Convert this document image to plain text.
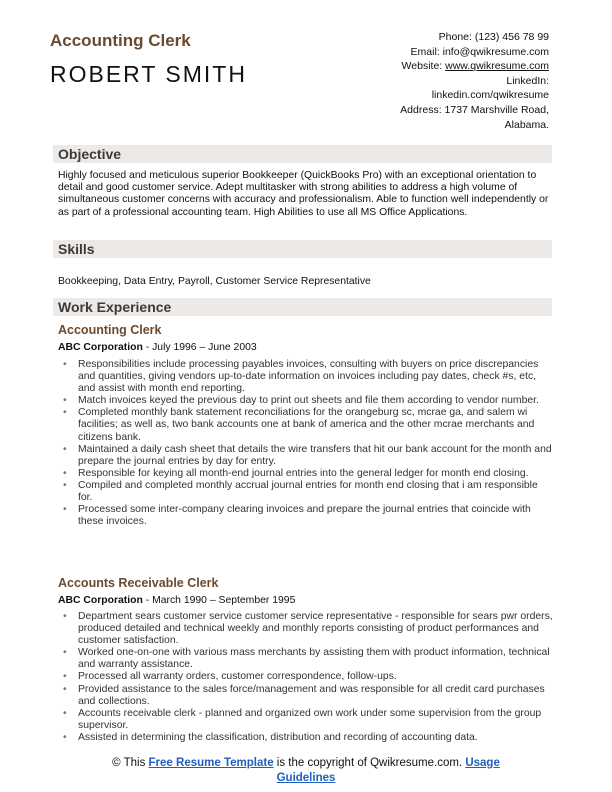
Accounting Clerk
ROBERT SMITH
Phone: (123) 456 78 99
Email: info@qwikresume.com
Website: www.qwikresume.com
LinkedIn:
linkedin.com/qwikresume
Address: 1737 Marshville Road,
Alabama.
Objective
Highly focused and meticulous superior Bookkeeper (QuickBooks Pro) with an exceptional orientation to detail and good customer service. Adept multitasker with strong abilities to address a high volume of simultaneous customer concerns with accuracy and professionalism. Able to function well independently or as part of a professional accounting team. High Abilities to use all MS Office Applications.
Skills
Bookkeeping, Data Entry, Payroll, Customer Service Representative
Work Experience
Accounting Clerk
ABC Corporation - July 1996 – June 2003
• Responsibilities include processing payables invoices, consulting with buyers on price discrepancies and quantities, giving vendors up-to-date information on invoices including pay dates, check #s, etc, and assist with month end reporting.
• Match invoices keyed the previous day to print out sheets and file them according to vendor number.
• Completed monthly bank statement reconciliations for the orangeburg sc, mcrae ga, and salem wi facilities; as well as, two bank accounts one at bank of america and the other mcrae merchants and citizens bank.
• Maintained a daily cash sheet that details the wire transfers that hit our bank account for the month and prepare the journal entries by day for entry.
• Responsible for keying all month-end journal entries into the general ledger for month end closing.
• Compiled and completed monthly accrual journal entries for month end closing that i am responsible for.
• Processed some inter-company clearing invoices and prepare the journal entries that coincide with these invoices.
Accounts Receivable Clerk
ABC Corporation - March 1990 – September 1995
• Department sears customer service customer service representative - responsible for sears pwr orders, produced detailed and technical weekly and monthly reports consisting of product performances and customer satisfaction.
• Worked one-on-one with various mass merchants by assisting them with product information, technical and warranty assistance.
• Processed all warranty orders, customer correspondence, follow-ups.
• Provided assistance to the sales force/management and was responsible for all credit card purchases and collections.
• Accounts receivable clerk - planned and organized own work under some supervision from the group supervisor.
• Assisted in determining the classification, distribution and recording of accounting data.
© This Free Resume Template is the copyright of Qwikresume.com. Usage
Guidelines
